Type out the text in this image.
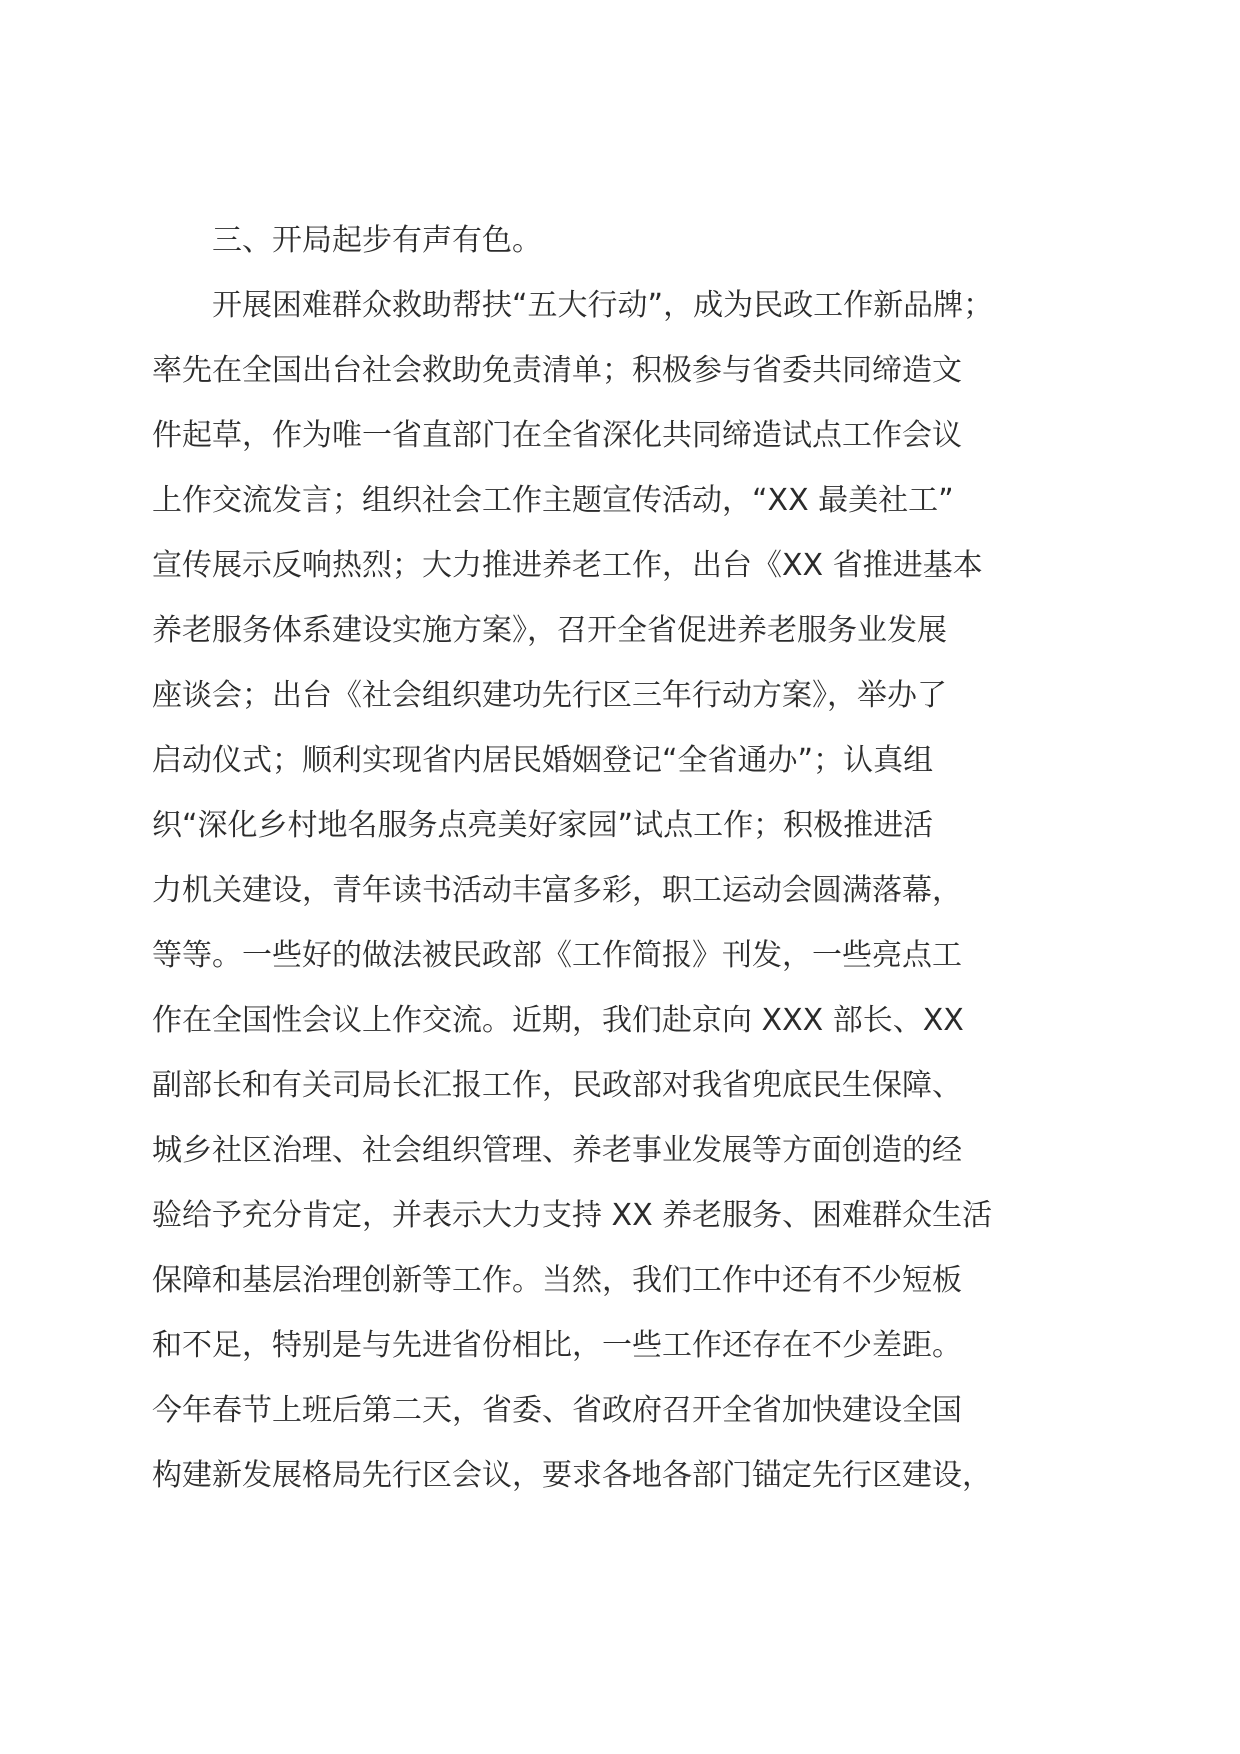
三、开局起步有声有色。
开展困难群众救助帮扶“五大行动”，成为民政工作新品牌；
率先在全国出台社会救助免责清单；积极参与省委共同缔造文
件起草，作为唯一省直部门在全省深化共同缔造试点工作会议
上作交流发言；组织社会工作主题宣传活动，“XX 最美社工”
宣传展示反响热烈；大力推进养老工作，出台《XX 省推进基本
养老服务体系建设实施方案》，召开全省促进养老服务业发展
座谈会；出台《社会组织建功先行区三年行动方案》，举办了
启动仪式；顺利实现省内居民婚姻登记“全省通办”；认真组
织“深化乡村地名服务点亮美好家园”试点工作；积极推进活
力机关建设，青年读书活动丰富多彩，职工运动会圆满落幕，
等等。一些好的做法被民政部《工作简报》刊发，一些亮点工
作在全国性会议上作交流。近期，我们赴京向 XXX 部长、XX
副部长和有关司局长汇报工作，民政部对我省兜底民生保障、
城乡社区治理、社会组织管理、养老事业发展等方面创造的经
验给予充分肯定，并表示大力支持 XX 养老服务、困难群众生活
保障和基层治理创新等工作。当然，我们工作中还有不少短板
和不足，特别是与先进省份相比，一些工作还存在不少差距。
今年春节上班后第二天，省委、省政府召开全省加快建设全国
构建新发展格局先行区会议，要求各地各部门锚定先行区建设，
